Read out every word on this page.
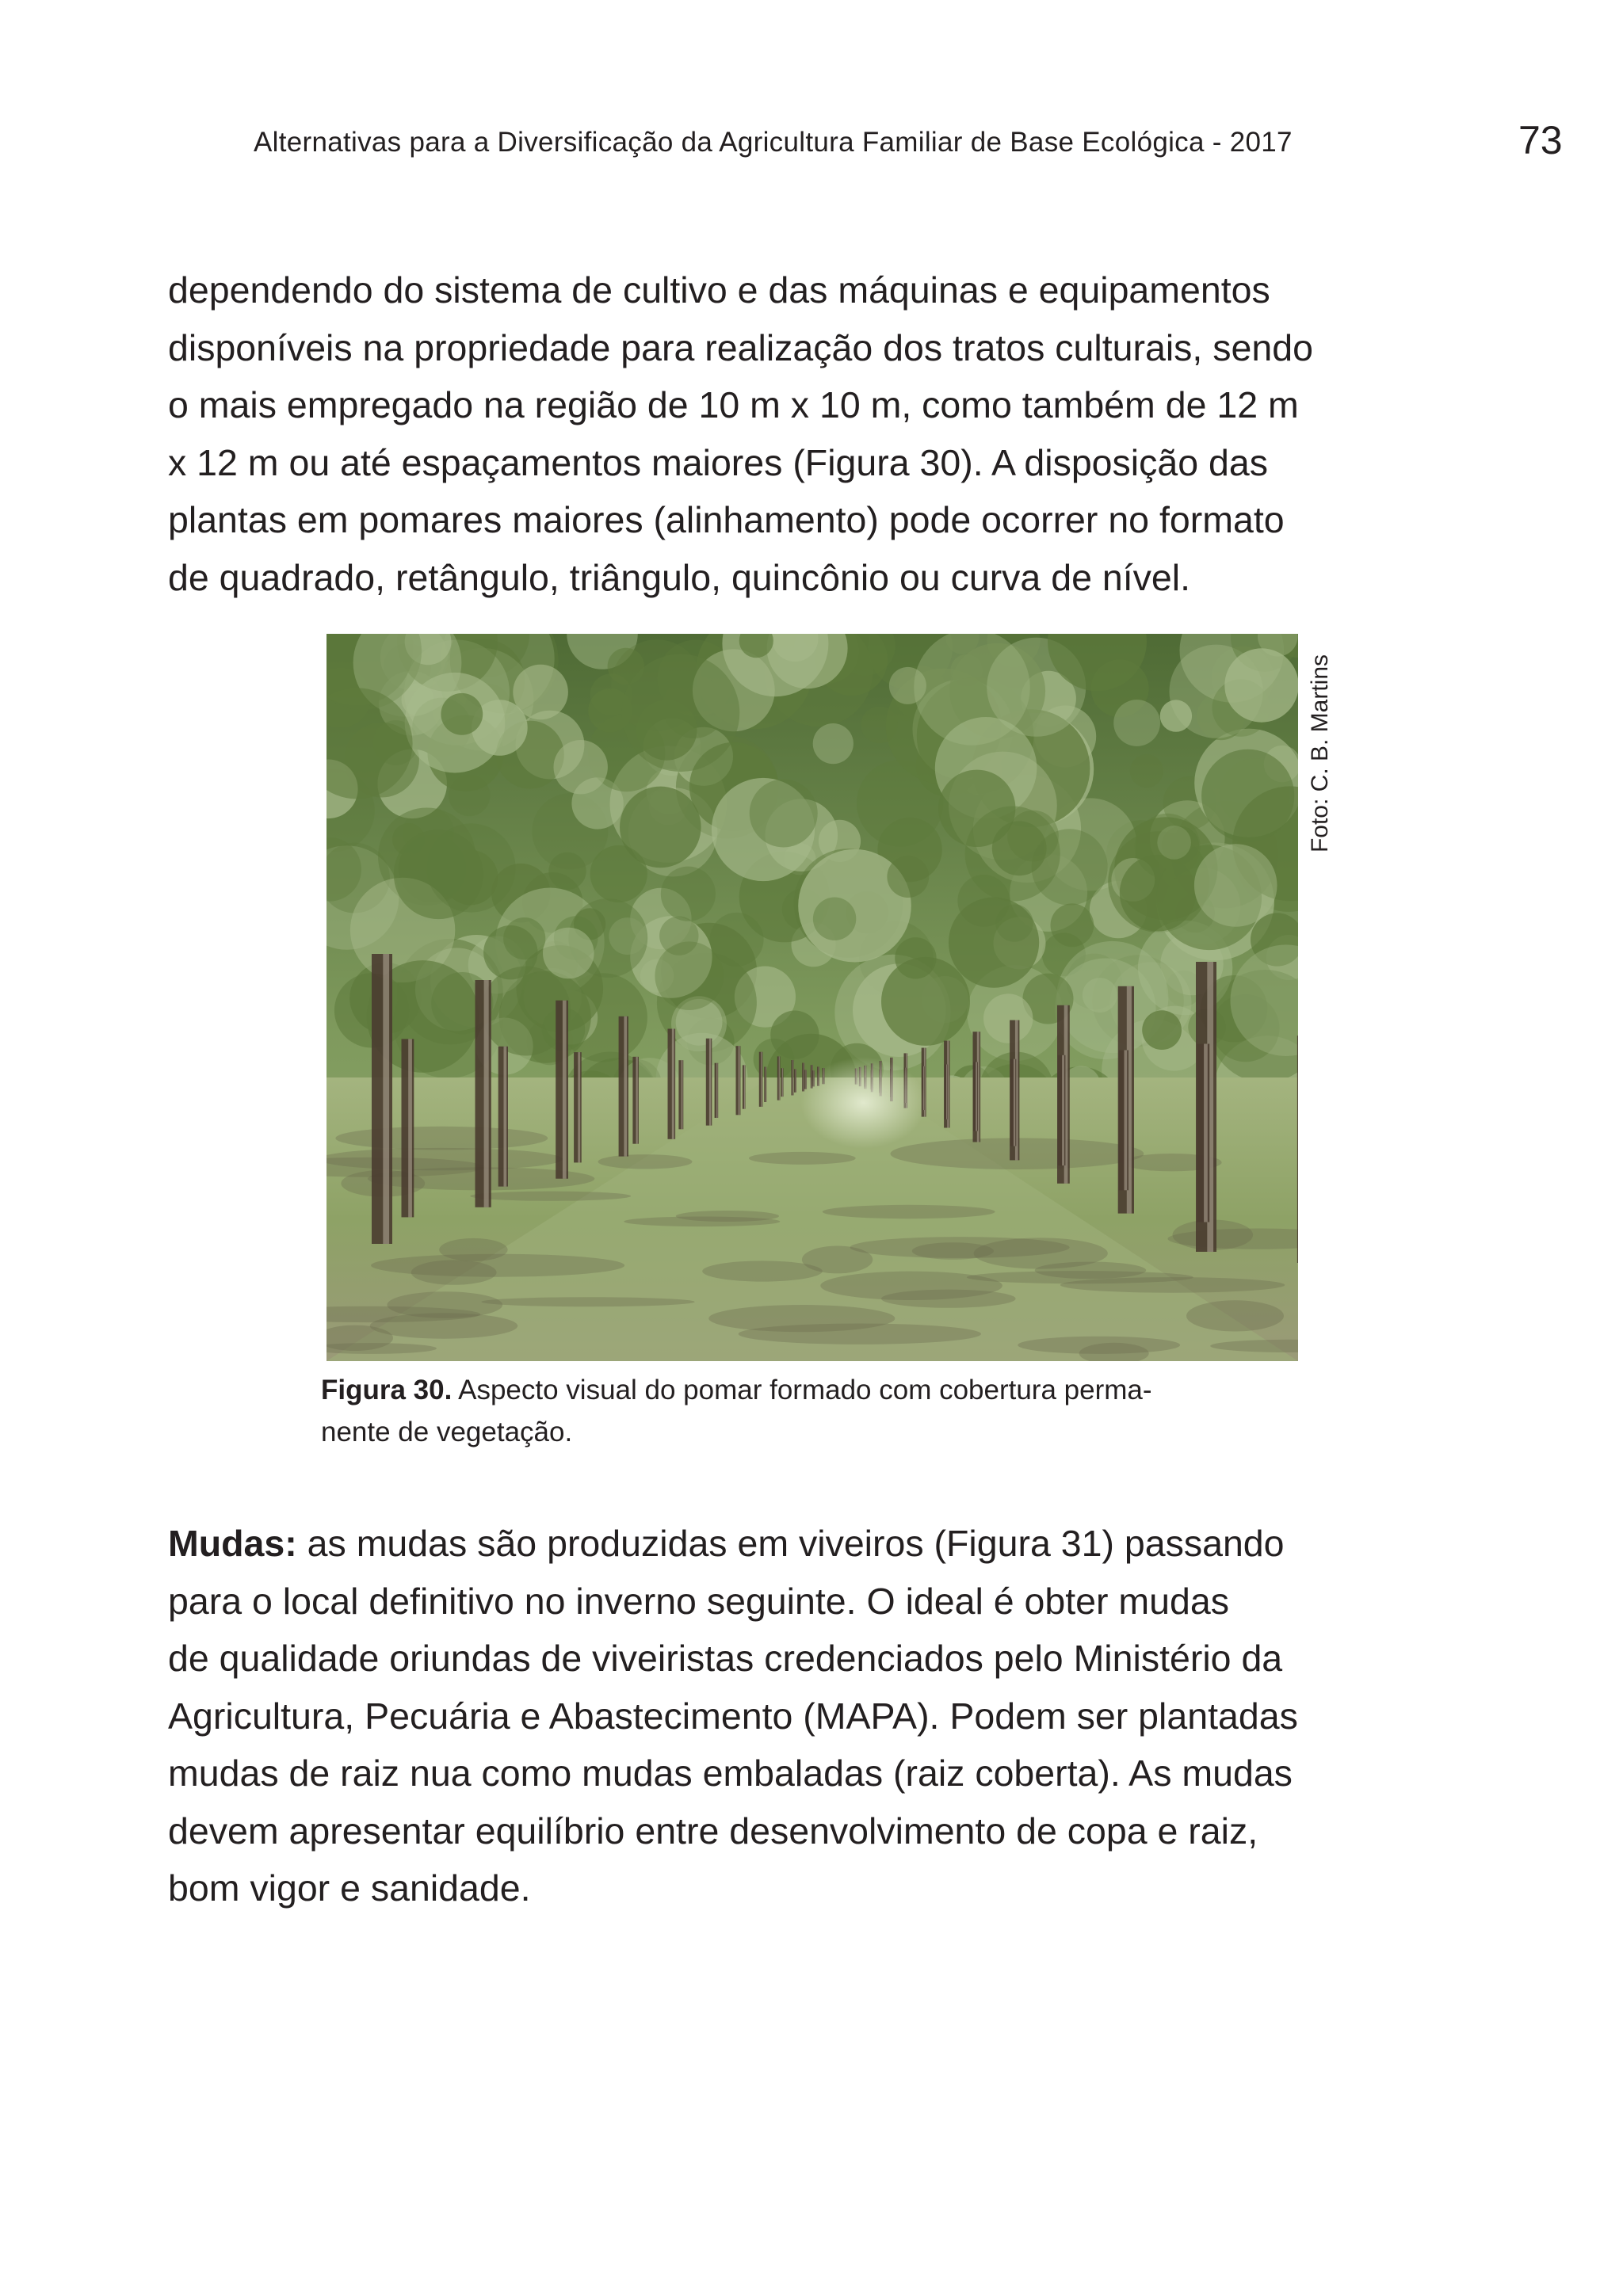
Alternativas para a Diversificação da Agricultura Familiar de Base Ecológica - 2017	73

dependendo do sistema de cultivo e das máquinas e equipamentos
disponíveis na propriedade para realização dos tratos culturais, sendo
o mais empregado na região de 10 m x 10 m, como também de 12 m
x 12 m ou até espaçamentos maiores (Figura 30). A disposição das
plantas em pomares maiores (alinhamento) pode ocorrer no formato
de quadrado, retângulo, triângulo, quincônio ou curva de nível.

Foto: C. B. Martins
Figura 30. Aspecto visual do pomar formado com cobertura perma-
nente de vegetação.

Mudas: as mudas são produzidas em viveiros (Figura 31) passando
para o local definitivo no inverno seguinte. O ideal é obter mudas
de qualidade oriundas de viveiristas credenciados pelo Ministério da
Agricultura, Pecuária e Abastecimento (MAPA). Podem ser plantadas
mudas de raiz nua como mudas embaladas (raiz coberta). As mudas
devem apresentar equilíbrio entre desenvolvimento de copa e raiz,
bom vigor e sanidade.
